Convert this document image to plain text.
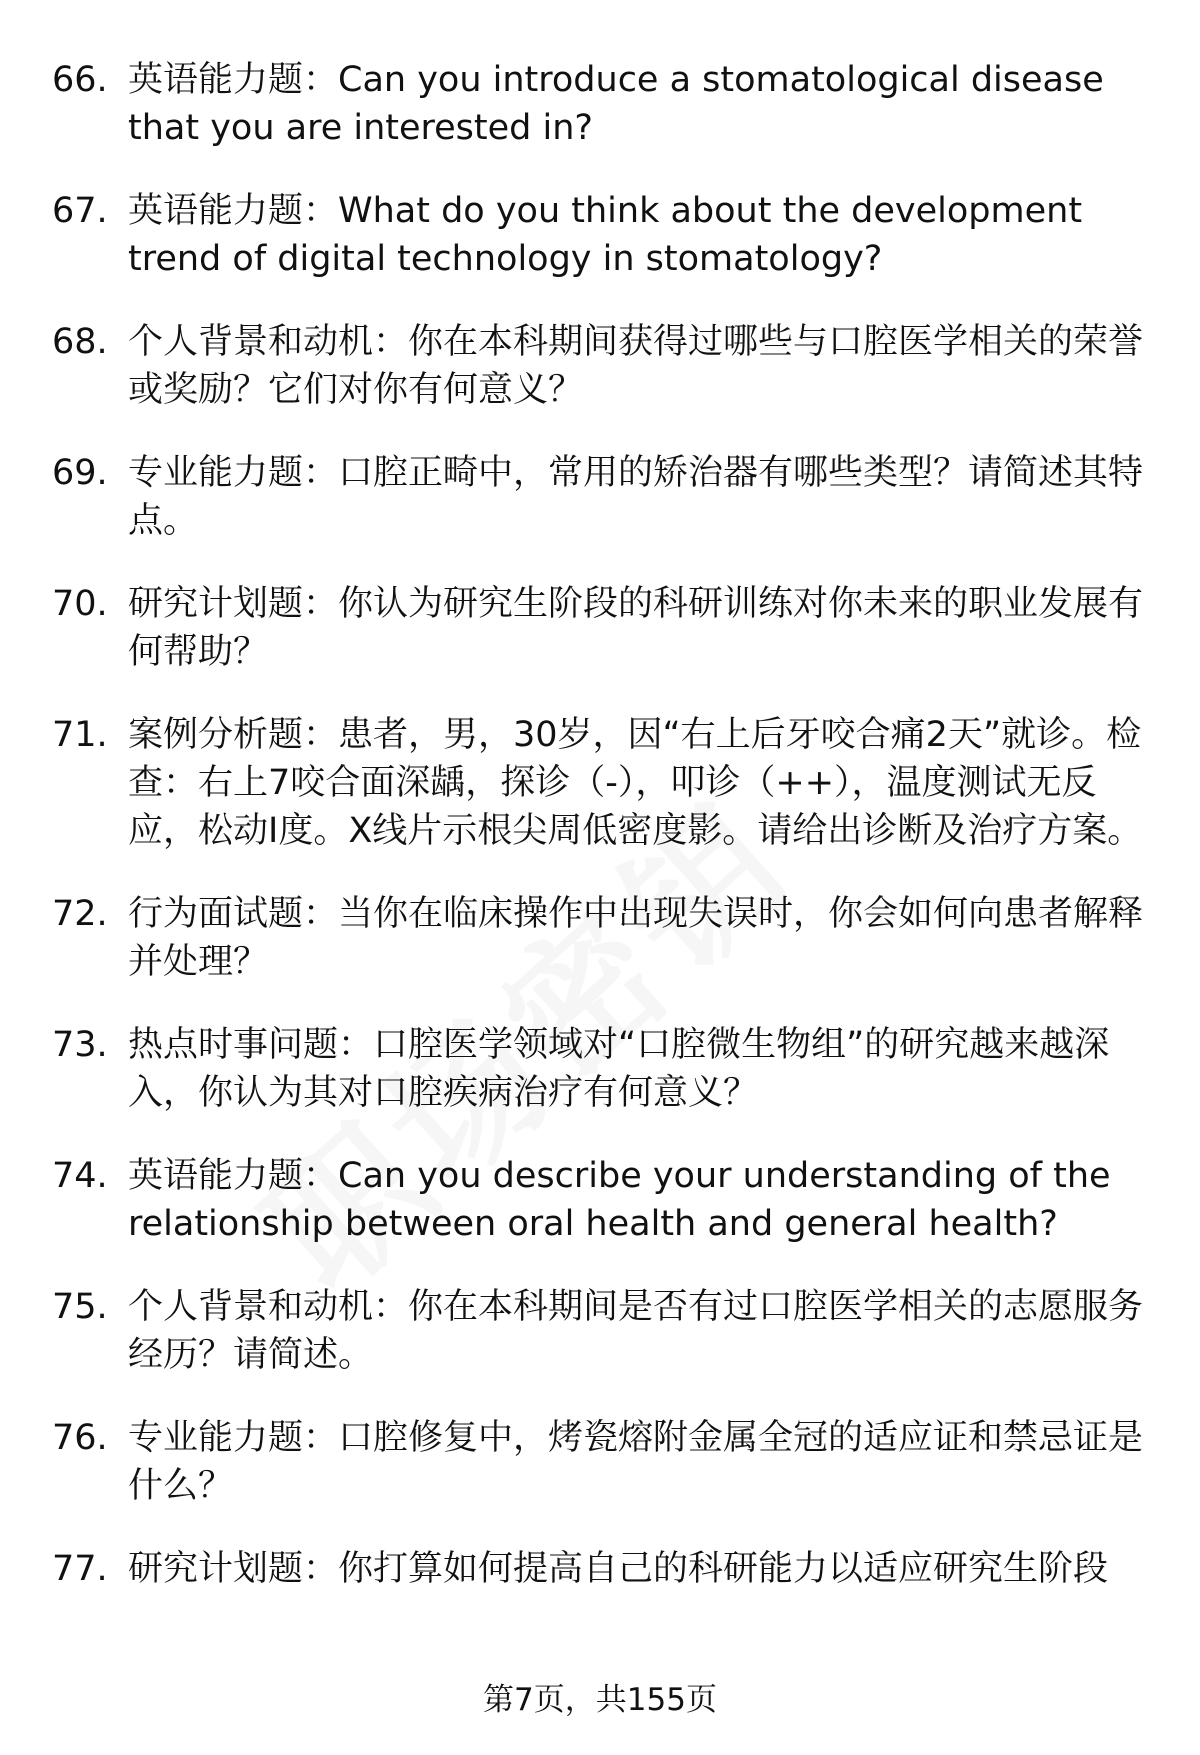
66. 英语能力题：Can you introduce a stomatological disease that you are interested in?
67. 英语能力题：What do you think about the development trend of digital technology in stomatology?
68. 个人背景和动机：你在本科期间获得过哪些与口腔医学相关的荣誉或奖励？它们对你有何意义？
69. 专业能力题：口腔正畸中，常用的矫治器有哪些类型？请简述其特点。
70. 研究计划题：你认为研究生阶段的科研训练对你未来的职业发展有何帮助？
71. 案例分析题：患者，男，30岁，因“右上后牙咬合痛2天”就诊。检查：右上7咬合面深龋，探诊（-），叩诊（++），温度测试无反应，松动Ⅰ度。X线片示根尖周低密度影。请给出诊断及治疗方案。
72. 行为面试题：当你在临床操作中出现失误时，你会如何向患者解释并处理？
73. 热点时事问题：口腔医学领域对“口腔微生物组”的研究越来越深入，你认为其对口腔疾病治疗有何意义？
74. 英语能力题：Can you describe your understanding of the relationship between oral health and general health?
75. 个人背景和动机：你在本科期间是否有过口腔医学相关的志愿服务经历？请简述。
76. 专业能力题：口腔修复中，烤瓷熔附金属全冠的适应证和禁忌证是什么？
77. 研究计划题：你打算如何提高自己的科研能力以适应研究生阶段
第7页，共155页
